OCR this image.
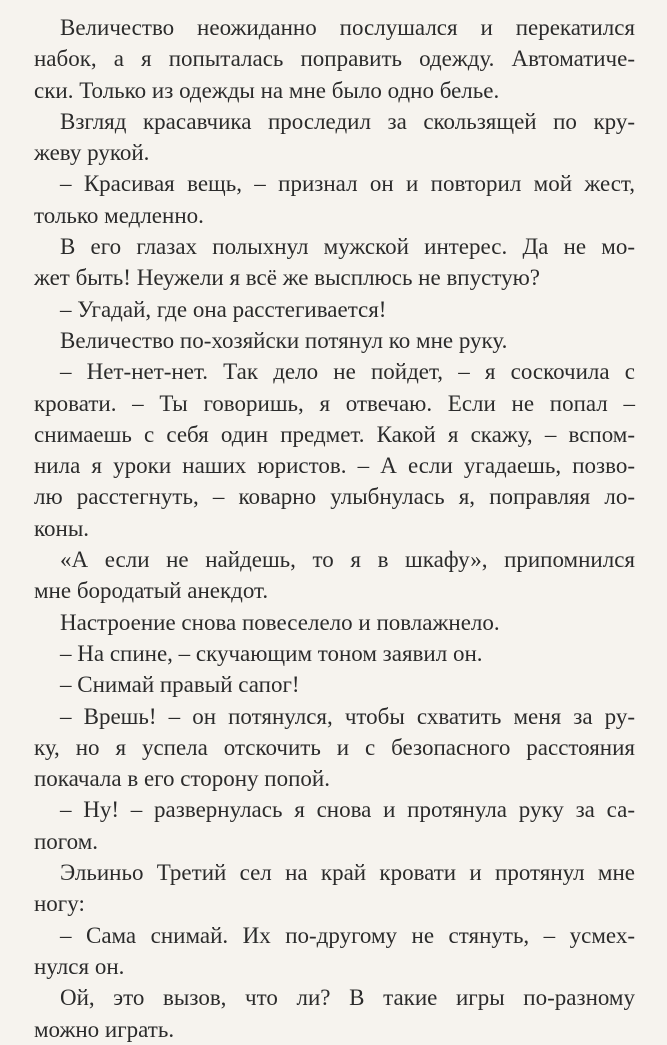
Величество неожиданно послушался и перекатился
набок, а я попыталась поправить одежду. Автоматиче-
ски. Только из одежды на мне было одно белье.
Взгляд красавчика проследил за скользящей по кру-
жеву рукой.
– Красивая вещь, – признал он и повторил мой жест,
только медленно.
В его глазах полыхнул мужской интерес. Да не мо-
жет быть! Неужели я всё же высплюсь не впустую?
– Угадай, где она расстегивается!
Величество по-хозяйски потянул ко мне руку.
– Нет-нет-нет. Так дело не пойдет, – я соскочила с
кровати. – Ты говоришь, я отвечаю. Если не попал –
снимаешь с себя один предмет. Какой я скажу, – вспом-
нила я уроки наших юристов. – А если угадаешь, позво-
лю расстегнуть, – коварно улыбнулась я, поправляя ло-
коны.
«А если не найдешь, то я в шкафу», припомнился
мне бородатый анекдот.
Настроение снова повеселело и повлажнело.
– На спине, – скучающим тоном заявил он.
– Снимай правый сапог!
– Врешь! – он потянулся, чтобы схватить меня за ру-
ку, но я успела отскочить и с безопасного расстояния
покачала в его сторону попой.
– Ну! – развернулась я снова и протянула руку за са-
погом.
Эльиньо Третий сел на край кровати и протянул мне
ногу:
– Сама снимай. Их по-другому не стянуть, – усмех-
нулся он.
Ой, это вызов, что ли? В такие игры по-разному
можно играть.
